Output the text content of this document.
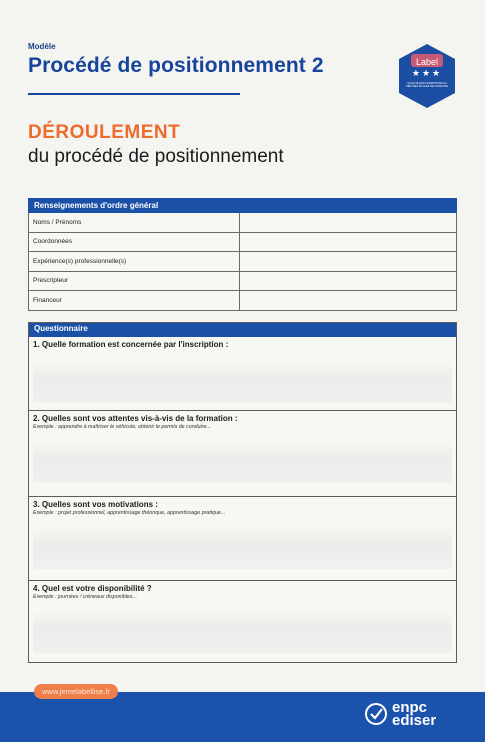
Modèle
Procédé de positionnement 2	Label
★★★
QUALITÉ DES FORMATIONS AU SEIN DES ÉCOLES DE CONDUITE
DÉROULEMENT
du procédé de positionnement
Renseignements d'ordre général	
Noms / Prénoms	
Coordonnées	
Expérience(s) professionnelle(s)	
Prescripteur	
Financeur	
Questionnaire
1. Quelle formation est concernée par l'inscription :
2. Quelles sont vos attentes vis-à-vis de la formation :
Exemple : apprendre à maîtriser le véhicule, obtenir le permis de conduire...
3. Quelles sont vos motivations :
Exemple : projet professionnel, apprentissage théorique, apprentissage pratique...
4. Quel est votre disponibilité ?
Exemple : journées / créneaux disponibles...
www.jemelabellise.fr
enpc
ediser
